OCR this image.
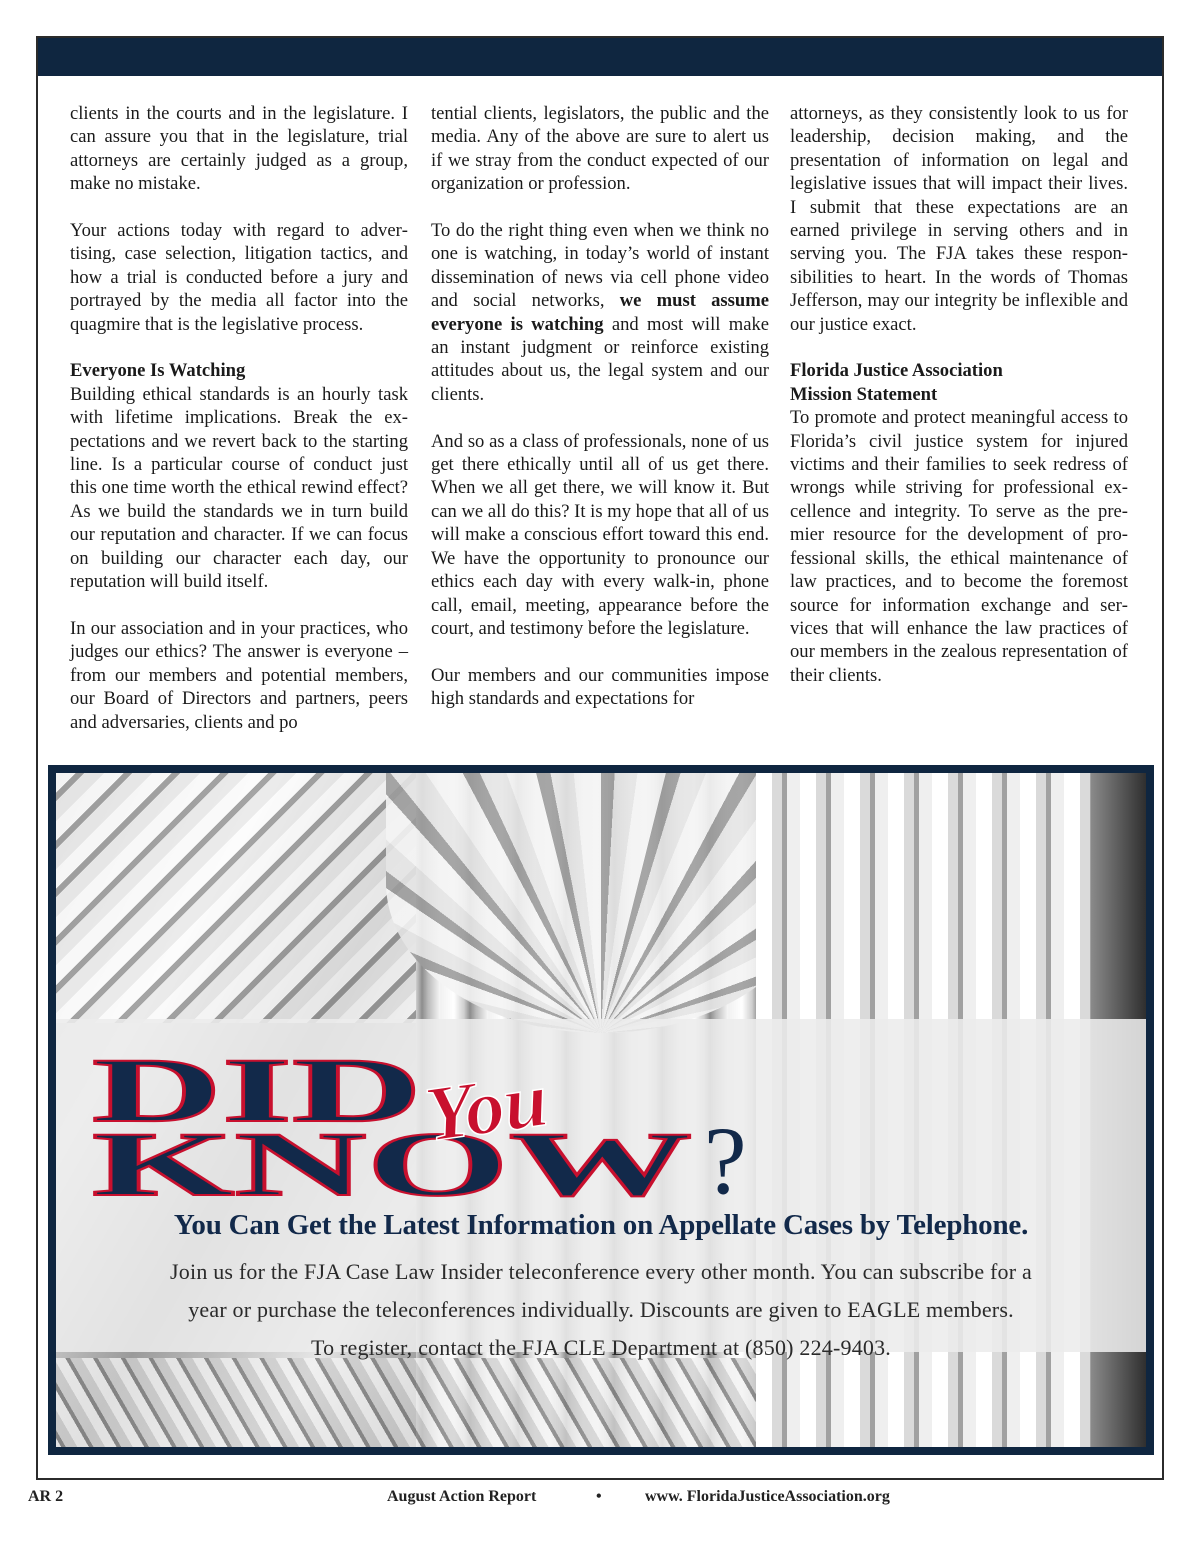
clients in the courts and in the legislature. I can assure you that in the legislature, trial attorneys are certainly judged as a group, make no mistake.

Your actions today with regard to advertising, case selection, litigation tactics, and how a trial is conducted before a jury and portrayed by the media all factor into the quagmire that is the legislative process.

Everyone Is Watching
Building ethical standards is an hourly task with lifetime implications. Break the expectations and we revert back to the starting line. Is a particular course of conduct just this one time worth the ethical rewind effect? As we build the standards we in turn build our reputation and character. If we can focus on building our character each day, our reputation will build itself.

In our association and in your practices, who judges our ethics? The answer is everyone – from our members and potential members, our Board of Directors and partners, peers and adversaries, clients and po

tential clients, legislators, the public and the media. Any of the above are sure to alert us if we stray from the conduct expected of our organization or profession.

To do the right thing even when we think no one is watching, in today’s world of instant dissemination of news via cell phone video and social networks, we must assume everyone is watching and most will make an instant judgment or reinforce existing attitudes about us, the legal system and our clients.

And so as a class of professionals, none of us get there ethically until all of us get there. When we all get there, we will know it. But can we all do this? It is my hope that all of us will make a conscious effort toward this end. We have the opportunity to pronounce our ethics each day with every walk-in, phone call, email, meeting, appearance before the court, and testimony before the legislature.

Our members and our communities impose high standards and expectations for

attorneys, as they consistently look to us for leadership, decision making, and the presentation of information on legal and legislative issues that will impact their lives. I submit that these expectations are an earned privilege in serving others and in serving you. The FJA takes these responsibilities to heart. In the words of Thomas Jefferson, may our integrity be inflexible and our justice exact.

Florida Justice Association
Mission Statement
To promote and protect meaningful access to Florida’s civil justice system for injured victims and their families to seek redress of wrongs while striving for professional excellence and integrity. To serve as the premier resource for the development of professional skills, the ethical maintenance of law practices, and to become the foremost source for information exchange and services that will enhance the law practices of our members in the zealous representation of their clients.

DID
KNOW
You
?
You Can Get the Latest Information on Appellate Cases by Telephone.
Join us for the FJA Case Law Insider teleconference every other month. You can subscribe for a
year or purchase the teleconferences individually. Discounts are given to EAGLE members.
To register, contact the FJA CLE Department at (850) 224-9403.
AR 2	August Action Report	•	www. FloridaJusticeAssociation.org
